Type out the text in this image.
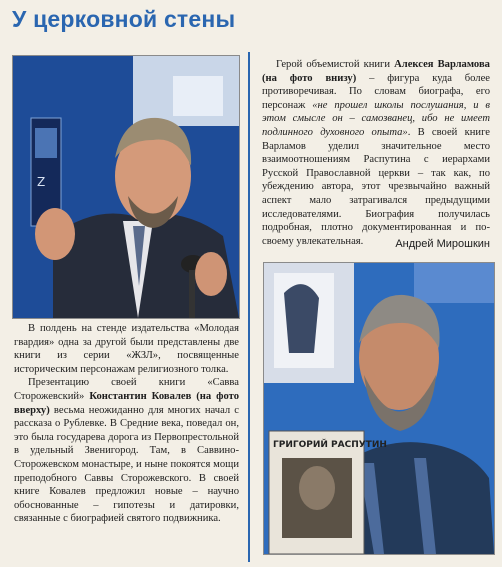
У церковной стены
Z

В полдень на стенде издательства «Молодая гвардия» одна за другой были представлены две книги из серии «ЖЗЛ», посвященные историческим персонажам религиозного толка.

Презентацию своей книги «Савва Сторожевский» Константин Ковалев (на фото вверху) весьма неожиданно для многих начал с рассказа о Рублевке. В Средние века, поведал он, это была государева дорога из Первопрестольной в удельный Звенигород. Там, в Саввино-Сторожевском монастыре, и ныне покоятся мощи преподобного Саввы Сторожевского. В своей книге Ковалев предложил новые – научно обоснованные – гипотезы и датировки, связанные с биографией святого подвижника.

Герой объемистой книги Алексея Варламова (на фото внизу) – фигура куда более противоречивая. По словам биографа, его персонаж «не прошел школы послушания, и в этом смысле он – самозванец, ибо не имеет подлинного духовного опыта». В своей книге Варламов уделил значительное место взаимоотношениям Распутина с иерархами Русской Православной церкви – так как, по убеждению автора, этот чрезвычайно важный аспект мало затрагивался предыдущими исследователями. Биография получилась подробная, плотно документированная и по-своему увлекательная.	Андрей Мирошкин
ГРИГОРИЙ РАСПУТИН
